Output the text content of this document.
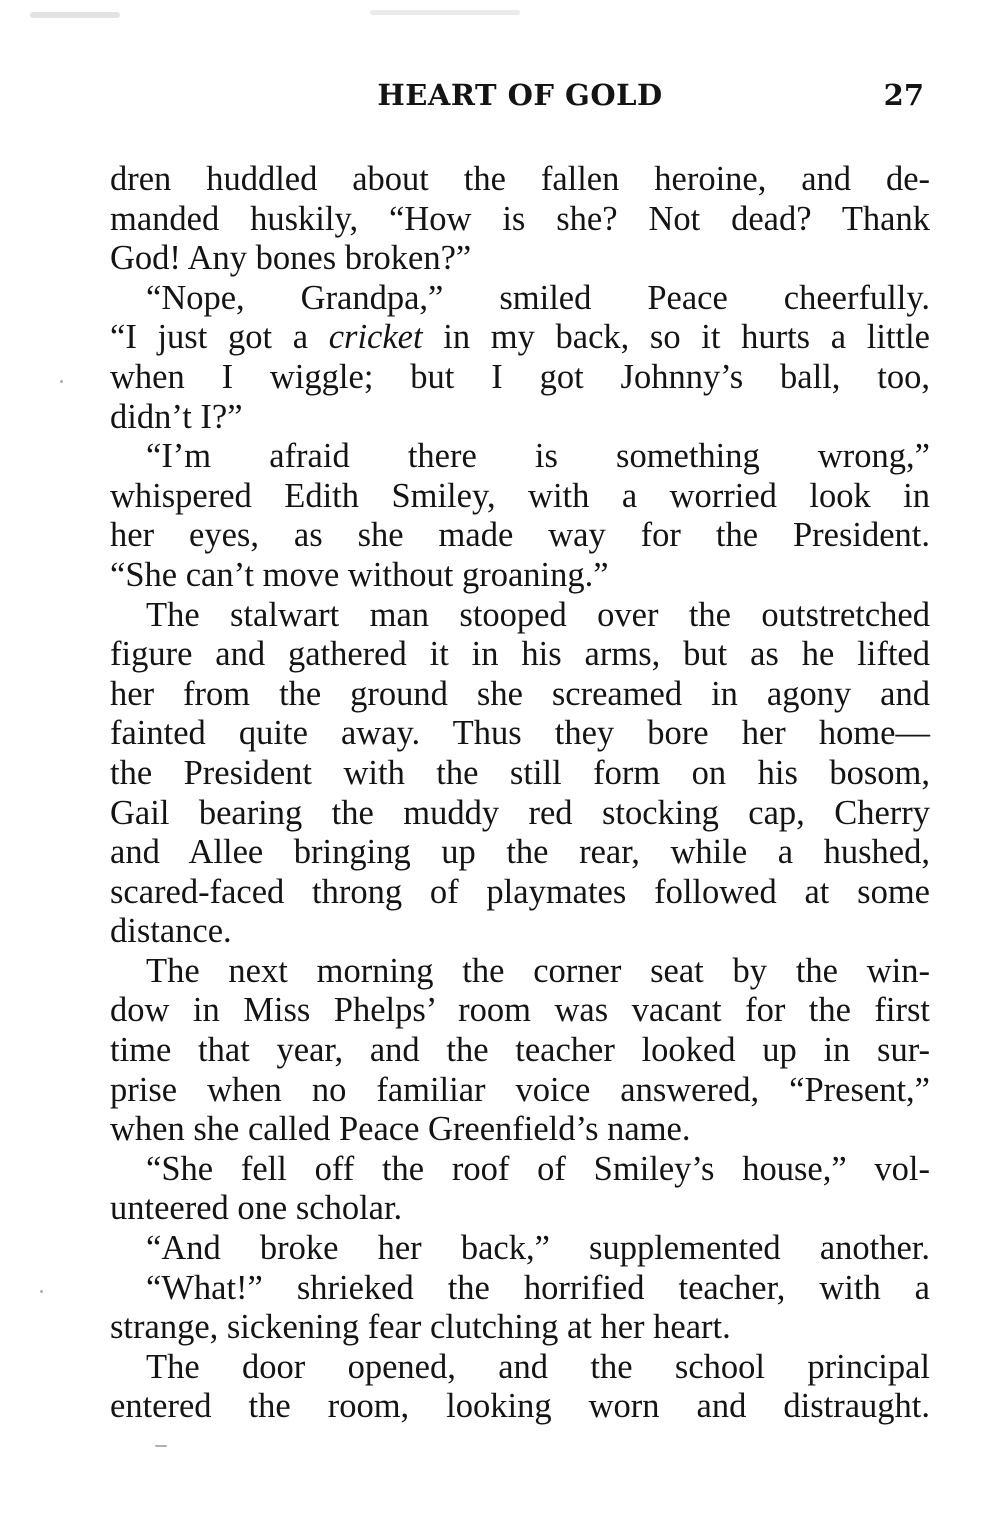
HEART OF GOLD	27

dren huddled about the fallen heroine, and de-
manded huskily, “How is she? Not dead? Thank
God! Any bones broken?”

“Nope, Grandpa,” smiled Peace cheerfully.
“I just got a cricket in my back, so it hurts a little
when I wiggle; but I got Johnny’s ball, too,
didn’t I?”

“I’m afraid there is something wrong,”
whispered Edith Smiley, with a worried look in
her eyes, as she made way for the President.
“She can’t move without groaning.”

The stalwart man stooped over the outstretched
figure and gathered it in his arms, but as he lifted
her from the ground she screamed in agony and
fainted quite away. Thus they bore her home—
the President with the still form on his bosom,
Gail bearing the muddy red stocking cap, Cherry
and Allee bringing up the rear, while a hushed,
scared-faced throng of playmates followed at some
distance.

The next morning the corner seat by the win-
dow in Miss Phelps’ room was vacant for the first
time that year, and the teacher looked up in sur-
prise when no familiar voice answered, “Present,”
when she called Peace Greenfield’s name.

“She fell off the roof of Smiley’s house,” vol-
unteered one scholar.

“And broke her back,” supplemented another.

“What!” shrieked the horrified teacher, with a
strange, sickening fear clutching at her heart.

The door opened, and the school principal
entered the room, looking worn and distraught.
